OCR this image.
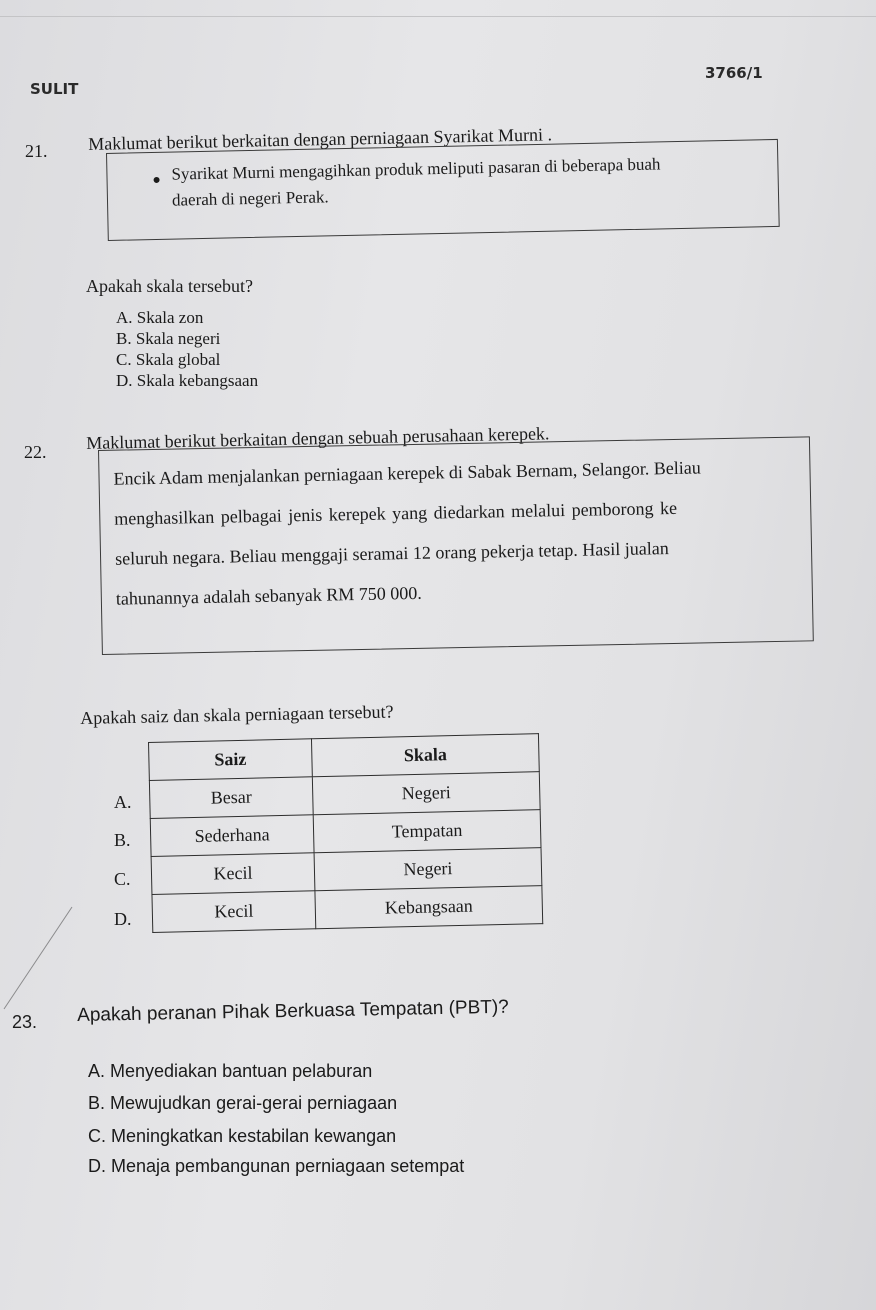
SULIT
3766/1
21. Maklumat berikut berkaitan dengan perniagaan Syarikat Murni .
Syarikat Murni mengagihkan produk meliputi pasaran di beberapa buah
daerah di negeri Perak.
Apakah skala tersebut?
A. Skala zon
B. Skala negeri
C. Skala global
D. Skala kebangsaan
22. Maklumat berikut berkaitan dengan sebuah perusahaan kerepek.
Encik Adam menjalankan perniagaan kerepek di Sabak Bernam, Selangor. Beliau
menghasilkan pelbagai jenis kerepek yang diedarkan melalui pemborong ke
seluruh negara. Beliau menggaji seramai 12 orang pekerja tetap. Hasil jualan
tahunannya adalah sebanyak RM 750 000.
Apakah saiz dan skala perniagaan tersebut?
A.
B.
C.
D.
Saiz	Skala
Besar	Negeri
Sederhana	Tempatan
Kecil	Negeri
Kecil	Kebangsaan
23. Apakah peranan Pihak Berkuasa Tempatan (PBT)?
A. Menyediakan bantuan pelaburan
B. Mewujudkan gerai-gerai perniagaan
C. Meningkatkan kestabilan kewangan
D. Menaja pembangunan perniagaan setempat
